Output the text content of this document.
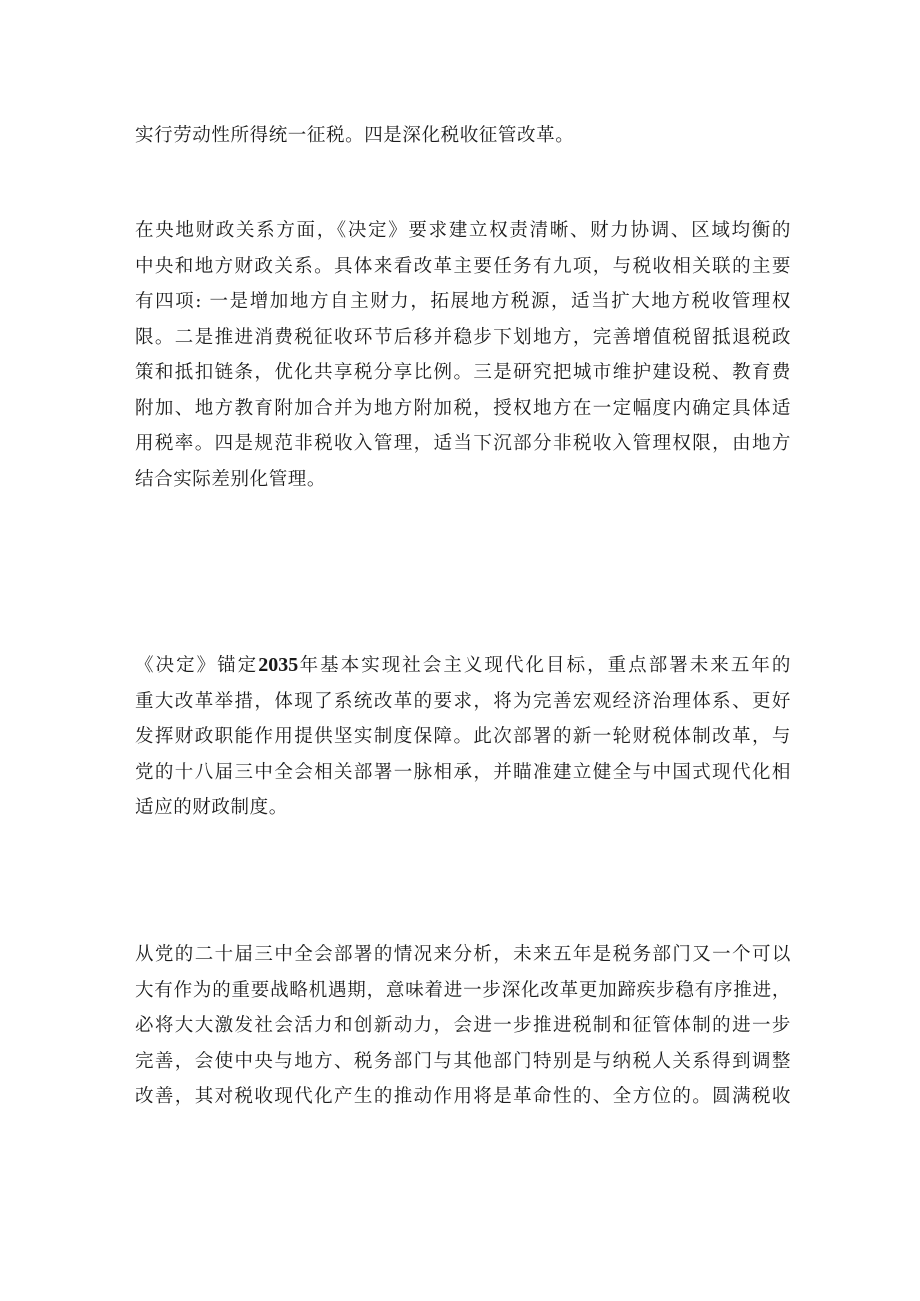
实行劳动性所得统一征税。四是深化税收征管改革。
在央地财政关系方面，《决定》要求建立权责清晰、财力协调、区域均衡的
中央和地方财政关系。具体来看改革主要任务有九项，与税收相关联的主要
有四项: 一是增加地方自主财力，拓展地方税源，适当扩大地方税收管理权
限。二是推进消费税征收环节后移并稳步下划地方，完善增值税留抵退税政
策和抵扣链条，优化共享税分享比例。三是研究把城市维护建设税、教育费
附加、地方教育附加合并为地方附加税，授权地方在一定幅度内确定具体适
用税率。四是规范非税收入管理，适当下沉部分非税收入管理权限，由地方
结合实际差别化管理。
《决定》锚定2035年基本实现社会主义现代化目标，重点部署未来五年的
重大改革举措，体现了系统改革的要求，将为完善宏观经济治理体系、更好
发挥财政职能作用提供坚实制度保障。此次部署的新一轮财税体制改革，与
党的十八届三中全会相关部署一脉相承，并瞄准建立健全与中国式现代化相
适应的财政制度。
从党的二十届三中全会部署的情况来分析，未来五年是税务部门又一个可以
大有作为的重要战略机遇期，意味着进一步深化改革更加蹄疾步稳有序推进，
必将大大激发社会活力和创新动力，会进一步推进税制和征管体制的进一步
完善，会使中央与地方、税务部门与其他部门特别是与纳税人关系得到调整
改善，其对税收现代化产生的推动作用将是革命性的、全方位的。圆满税收
